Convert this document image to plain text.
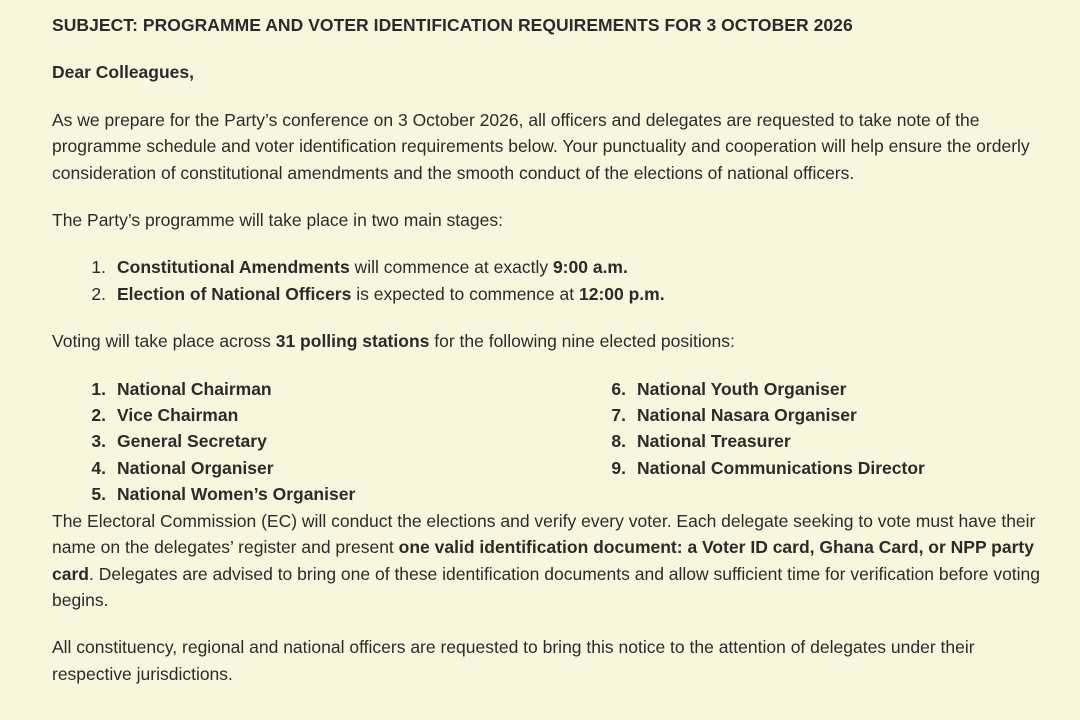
SUBJECT: PROGRAMME AND VOTER IDENTIFICATION REQUIREMENTS FOR 3 OCTOBER 2026

Dear Colleagues,

As we prepare for the Party’s conference on 3 October 2026, all officers and delegates are requested to take note of the programme schedule and voter identification requirements below. Your punctuality and cooperation will help ensure the orderly consideration of constitutional amendments and the smooth conduct of the elections of national officers.

The Party’s programme will take place in two main stages:

1. Constitutional Amendments will commence at exactly 9:00 a.m.
2. Election of National Officers is expected to commence at 12:00 p.m.

Voting will take place across 31 polling stations for the following nine elected positions:

1. National Chairman
2. Vice Chairman
3. General Secretary
4. National Organiser
5. National Women’s Organiser
6. National Youth Organiser
7. National Nasara Organiser
8. National Treasurer
9. National Communications Director

The Electoral Commission (EC) will conduct the elections and verify every voter. Each delegate seeking to vote must have their name on the delegates’ register and present one valid identification document: a Voter ID card, Ghana Card, or NPP party card. Delegates are advised to bring one of these identification documents and allow sufficient time for verification before voting begins.

All constituency, regional and national officers are requested to bring this notice to the attention of delegates under their respective jurisdictions.
